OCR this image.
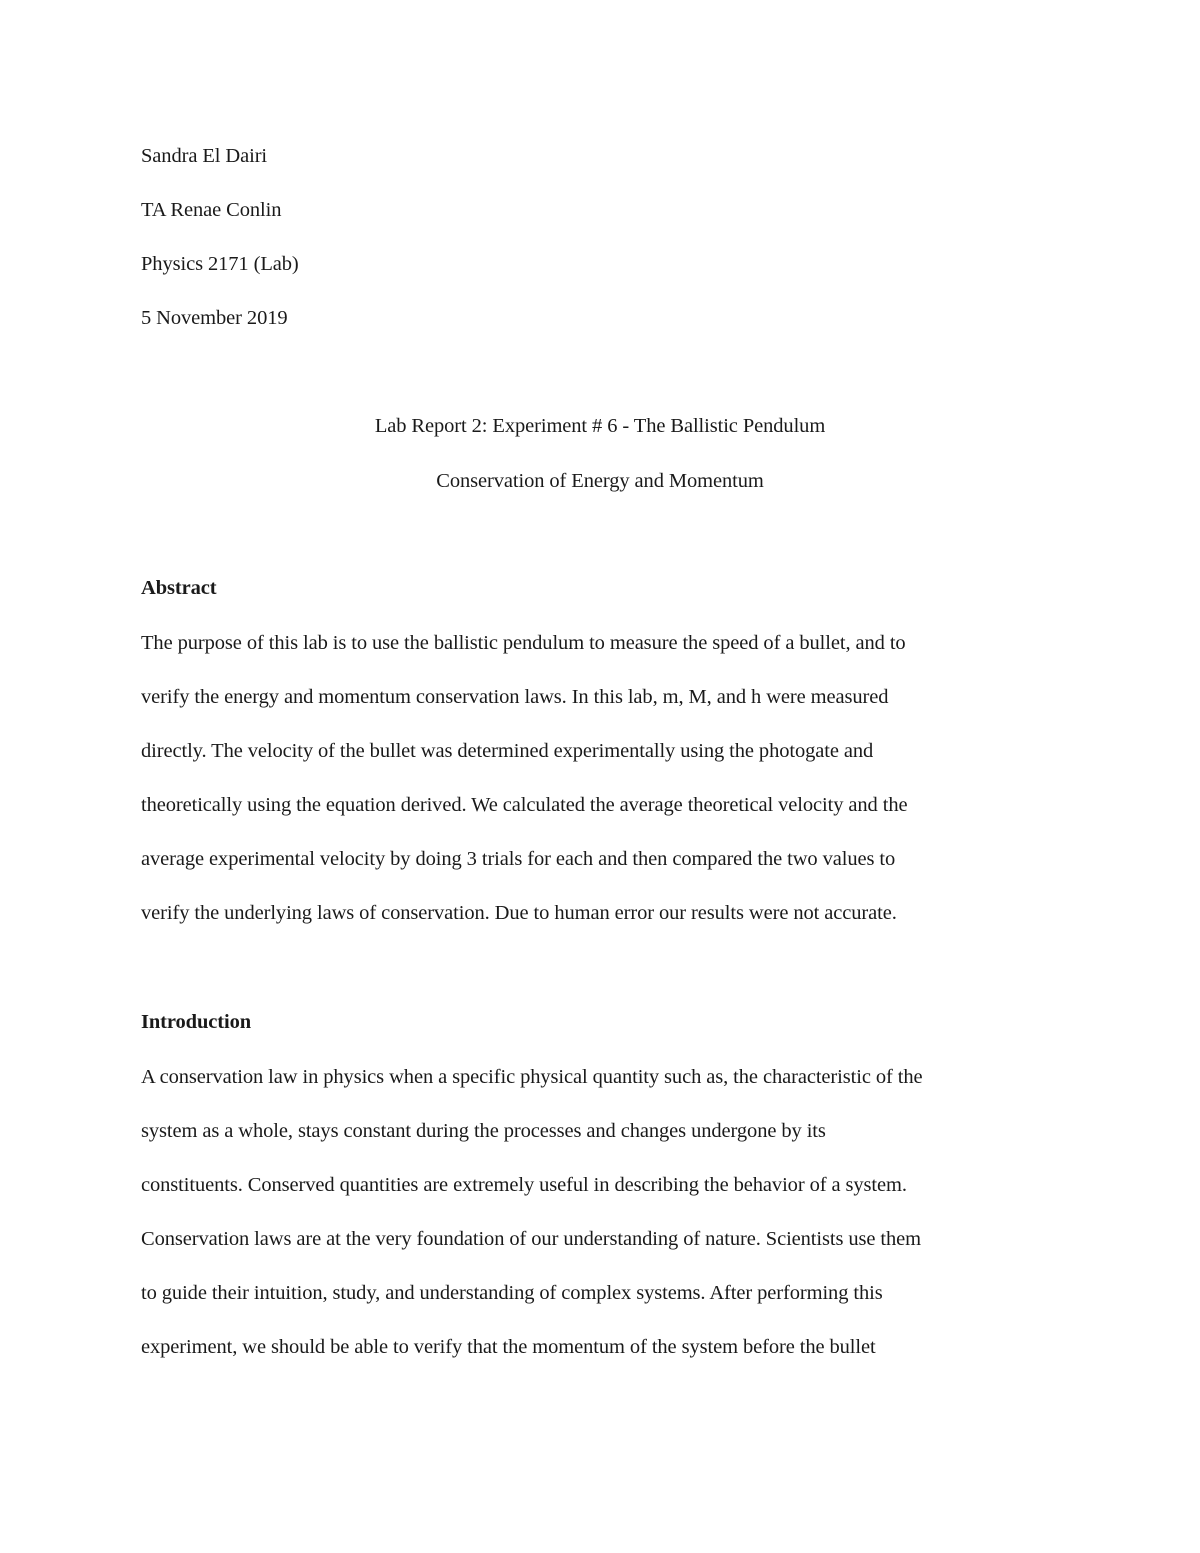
Sandra El Dairi
TA Renae Conlin
Physics 2171 (Lab)
5 November 2019
Lab Report 2: Experiment # 6 - The Ballistic Pendulum
Conservation of Energy and Momentum
Abstract
The purpose of this lab is to use the ballistic pendulum to measure the speed of a bullet, and to
verify the energy and momentum conservation laws. In this lab, m, M, and h were measured
directly. The velocity of the bullet was determined experimentally using the photogate and
theoretically using the equation derived. We calculated the average theoretical velocity and the
average experimental velocity by doing 3 trials for each and then compared the two values to
verify the underlying laws of conservation. Due to human error our results were not accurate.
Introduction
A conservation law in physics when a specific physical quantity such as, the characteristic of the
system as a whole, stays constant during the processes and changes undergone by its
constituents. Conserved quantities are extremely useful in describing the behavior of a system.
Conservation laws are at the very foundation of our understanding of nature. Scientists use them
to guide their intuition, study, and understanding of complex systems. After performing this
experiment, we should be able to verify that the momentum of the system before the bullet
